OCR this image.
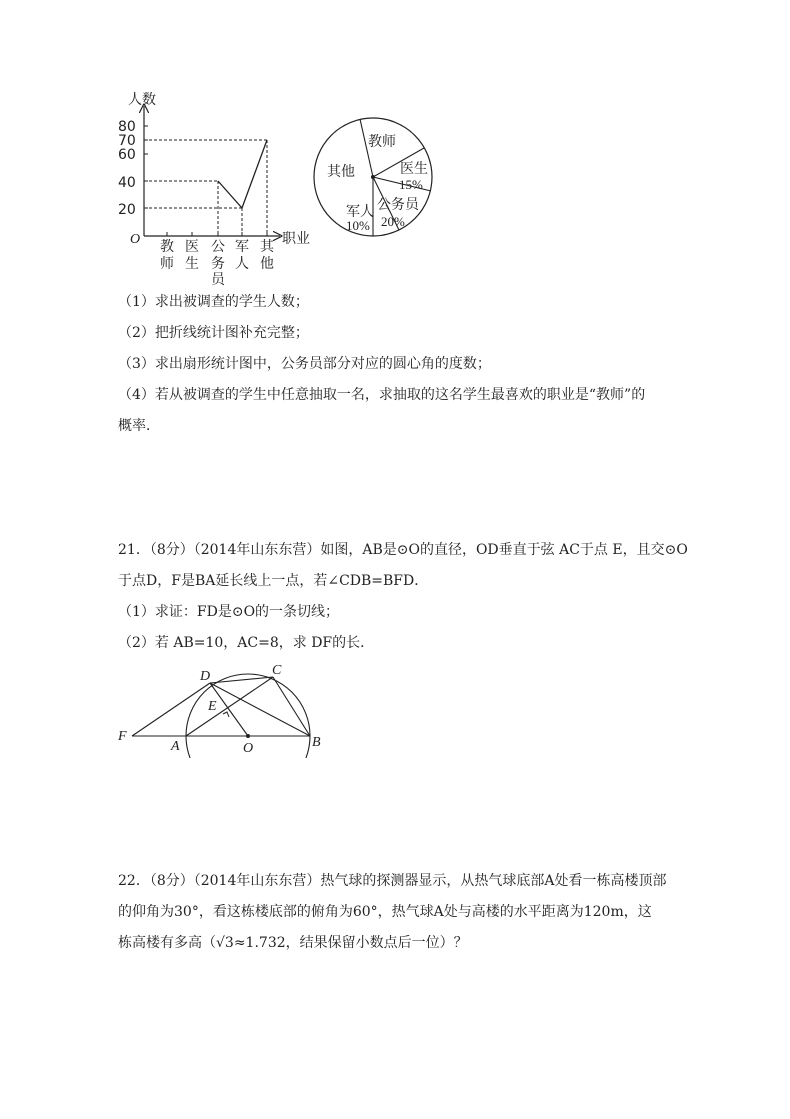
人数
职业
O
80
70
60
40
20
教
师
医
生
公
务
员
军
人
其
他
教师
医生
15%
公务员
20%
军人
10%
其他
（1）求出被调查的学生人数；
（2）把折线统计图补充完整；
（3）求出扇形统计图中，公务员部分对应的圆心角的度数；
（4）若从被调查的学生中任意抽取一名，求抽取的这名学生最喜欢的职业是“教师”的
概率．
21．（8分）（2014年山东东营）如图，AB是⊙O的直径，OD垂直于弦 AC于点 E，且交⊙O
于点D，F是BA延长线上一点，若∠CDB=BFD．
（1）求证：FD是⊙O的一条切线；
（2）若 AB=10，AC=8，求 DF的长．
D	C
E
F
A	O	B
22．（8分）（2014年山东东营）热气球的探测器显示，从热气球底部A处看一栋高楼顶部
的仰角为30°，看这栋楼底部的俯角为60°，热气球A处与高楼的水平距离为120m，这
栋高楼有多高（√3≈1.732，结果保留小数点后一位）？
